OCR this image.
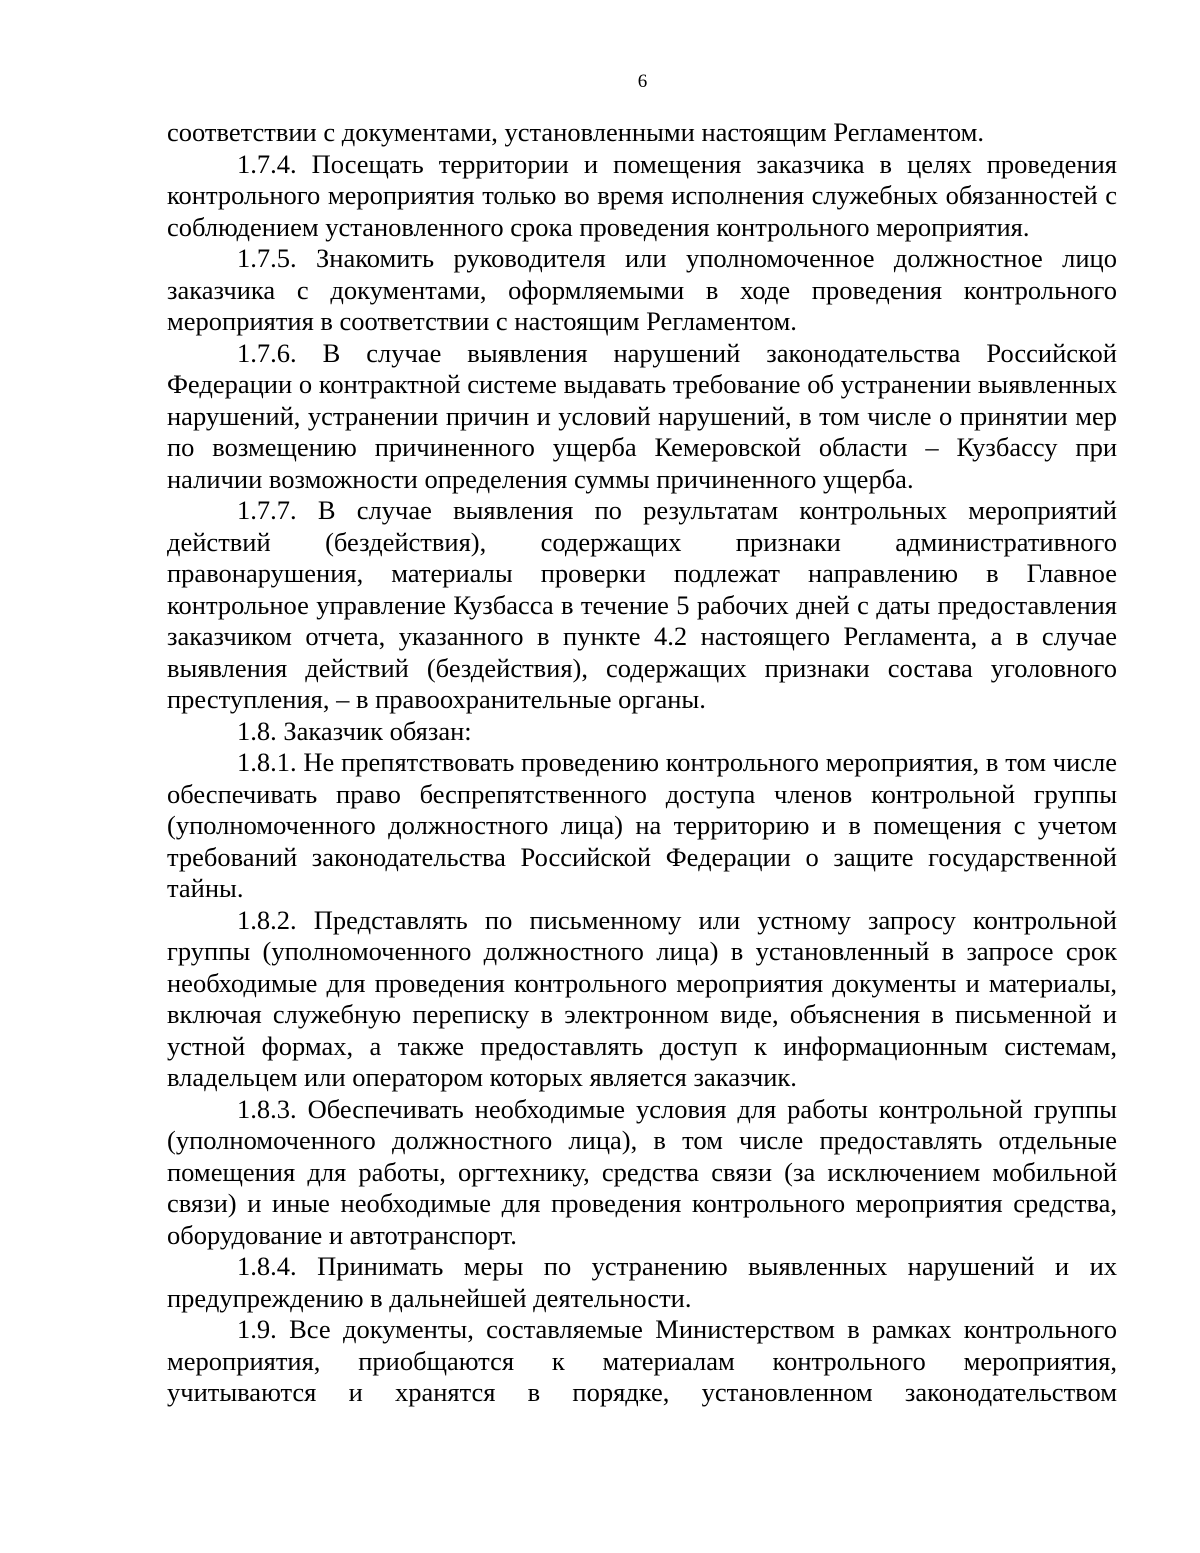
6

соответствии с документами, установленными настоящим Регламентом.

1.7.4. Посещать территории и помещения заказчика в целях проведения контрольного мероприятия только во время исполнения служебных обязанностей с соблюдением установленного срока проведения контрольного мероприятия.

1.7.5. Знакомить руководителя или уполномоченное должностное лицо заказчика с документами, оформляемыми в ходе проведения контрольного мероприятия в соответствии с настоящим Регламентом.

1.7.6. В случае выявления нарушений законодательства Российской Федерации о контрактной системе выдавать требование об устранении выявленных нарушений, устранении причин и условий нарушений, в том числе о принятии мер по возмещению причиненного ущерба Кемеровской области – Кузбассу при наличии возможности определения суммы причиненного ущерба.

1.7.7. В случае выявления по результатам контрольных мероприятий действий (бездействия), содержащих признаки административного правонарушения, материалы проверки подлежат направлению в Главное контрольное управление Кузбасса в течение 5 рабочих дней с даты предоставления заказчиком отчета, указанного в пункте 4.2 настоящего Регламента, а в случае выявления действий (бездействия), содержащих признаки состава уголовного преступления, – в правоохранительные органы.

1.8. Заказчик обязан:

1.8.1. Не препятствовать проведению контрольного мероприятия, в том числе обеспечивать право беспрепятственного доступа членов контрольной группы (уполномоченного должностного лица) на территорию и в помещения с учетом требований законодательства Российской Федерации о защите государственной тайны.

1.8.2. Представлять по письменному или устному запросу контрольной группы (уполномоченного должностного лица) в установленный в запросе срок необходимые для проведения контрольного мероприятия документы и материалы, включая служебную переписку в электронном виде, объяснения в письменной и устной формах, а также предоставлять доступ к информационным системам, владельцем или оператором которых является заказчик.

1.8.3. Обеспечивать необходимые условия для работы контрольной группы (уполномоченного должностного лица), в том числе предоставлять отдельные помещения для работы, оргтехнику, средства связи (за исключением мобильной связи) и иные необходимые для проведения контрольного мероприятия средства, оборудование и автотранспорт.

1.8.4. Принимать меры по устранению выявленных нарушений и их предупреждению в дальнейшей деятельности.

1.9. Все документы, составляемые Министерством в рамках контрольного мероприятия, приобщаются к материалам контрольного мероприятия, учитываются и хранятся в порядке, установленном законодательством
